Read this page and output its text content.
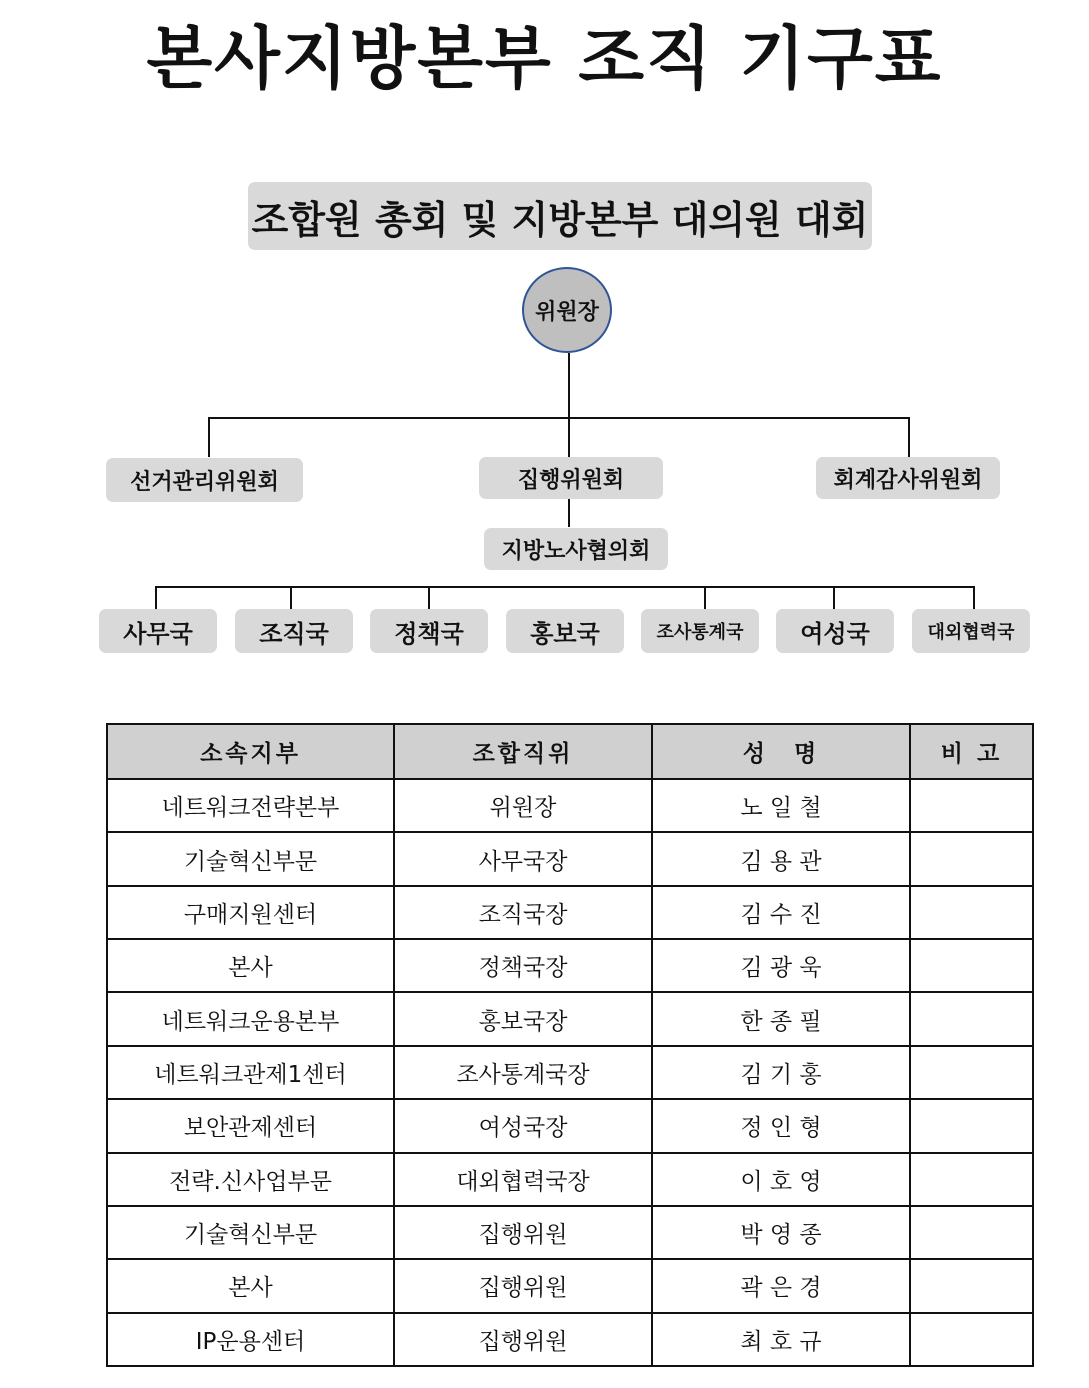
본사지방본부 조직 기구표
조합원 총회 및 지방본부 대의원 대회
위원장
선거관리위원회	집행위원회	회계감사위원회
지방노사협의회
사무국	조직국	정책국	홍보국	조사통계국	여성국	대외협력국
소속지부	조합직위	성　명	비 고
네트워크전략본부	위원장	노 일 철	
기술혁신부문	사무국장	김 용 관	
구매지원센터	조직국장	김 수 진	
본사	정책국장	김 광 욱	
네트워크운용본부	홍보국장	한 종 필	
네트워크관제1센터	조사통계국장	김 기 홍	
보안관제센터	여성국장	정 인 형	
전략.신사업부문	대외협력국장	이 호 영	
기술혁신부문	집행위원	박 영 종	
본사	집행위원	곽 은 경	
IP운용센터	집행위원	최 호 규	
